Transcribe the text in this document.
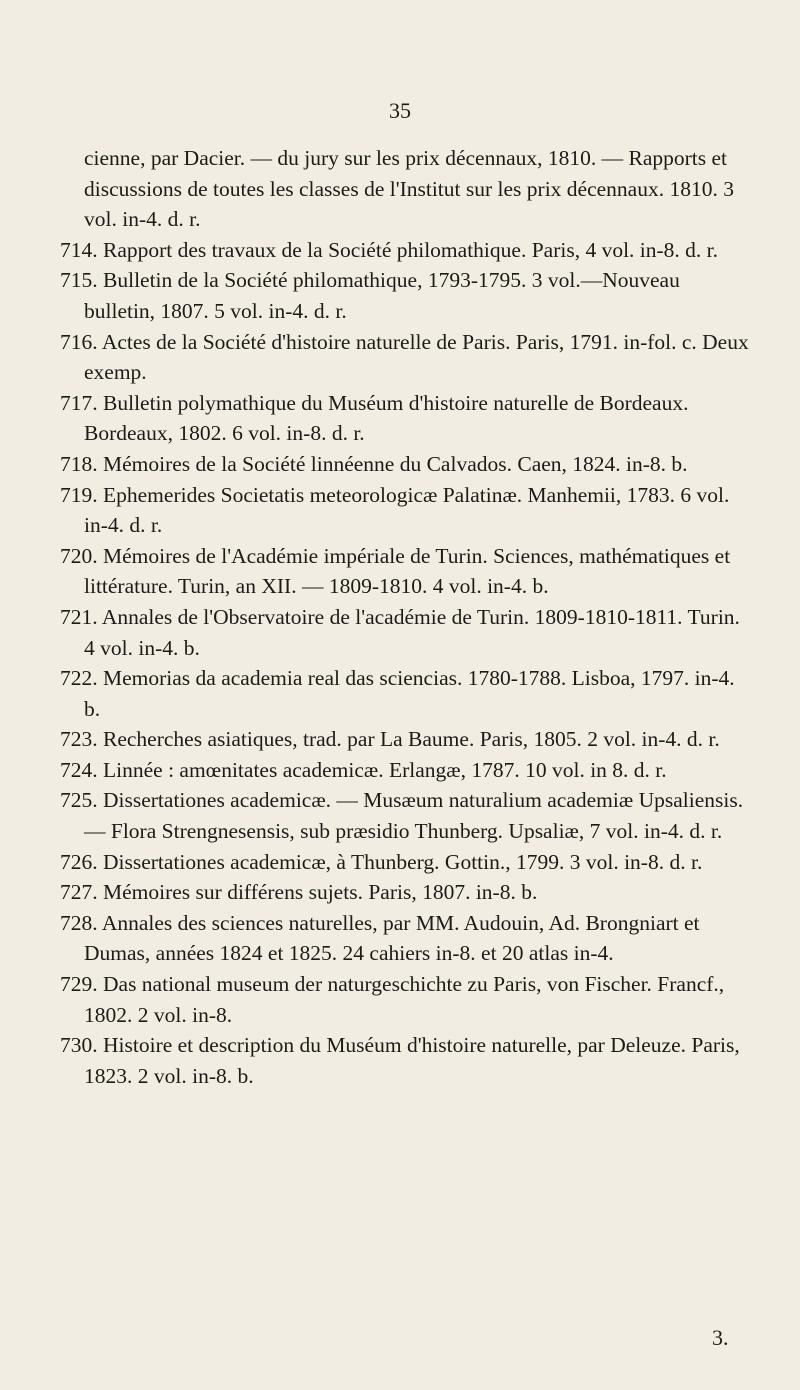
35

cienne, par Dacier. — du jury sur les prix décennaux, 1810. — Rapports et discussions de toutes les classes de l'Institut sur les prix décennaux. 1810. 3 vol. in-4. d. r.

714. Rapport des travaux de la Société philomathique. Paris, 4 vol. in-8. d. r.

715. Bulletin de la Société philomathique, 1793-1795. 3 vol.—Nouveau bulletin, 1807. 5 vol. in-4. d. r.

716. Actes de la Société d'histoire naturelle de Paris. Paris, 1791. in-fol. c. Deux exemp.

717. Bulletin polymathique du Muséum d'histoire naturelle de Bordeaux. Bordeaux, 1802. 6 vol. in-8. d. r.

718. Mémoires de la Société linnéenne du Calvados. Caen, 1824. in-8. b.

719. Ephemerides Societatis meteorologicæ Palatinæ. Manhemii, 1783. 6 vol. in-4. d. r.

720. Mémoires de l'Académie impériale de Turin. Sciences, mathématiques et littérature. Turin, an XII. — 1809-1810. 4 vol. in-4. b.

721. Annales de l'Observatoire de l'académie de Turin. 1809-1810-1811. Turin. 4 vol. in-4. b.

722. Memorias da academia real das sciencias. 1780-1788. Lisboa, 1797. in-4. b.

723. Recherches asiatiques, trad. par La Baume. Paris, 1805. 2 vol. in-4. d. r.

724. Linnée : amœnitates academicæ. Erlangæ, 1787. 10 vol. in 8. d. r.

725. Dissertationes academicæ. — Musæum naturalium academiæ Upsaliensis. — Flora Strengnesensis, sub præsidio Thunberg. Upsaliæ, 7 vol. in-4. d. r.

726. Dissertationes academicæ, à Thunberg. Gottin., 1799. 3 vol. in-8. d. r.

727. Mémoires sur différens sujets. Paris, 1807. in-8. b.

728. Annales des sciences naturelles, par MM. Audouin, Ad. Brongniart et Dumas, années 1824 et 1825. 24 cahiers in-8. et 20 atlas in-4.

729. Das national museum der naturgeschichte zu Paris, von Fischer. Francf., 1802. 2 vol. in-8.

730. Histoire et description du Muséum d'histoire naturelle, par Deleuze. Paris, 1823. 2 vol. in-8. b.

3.
